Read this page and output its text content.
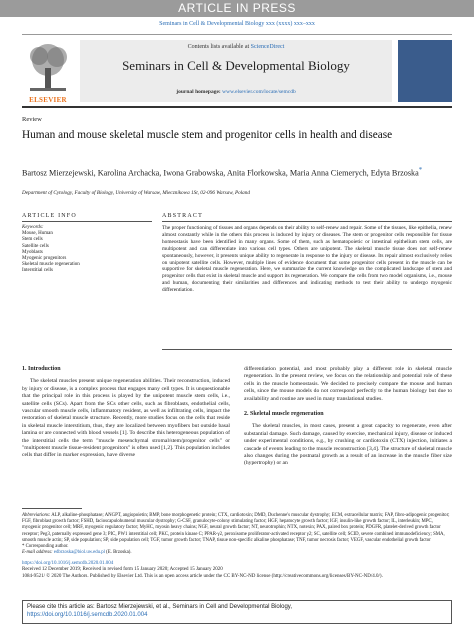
ARTICLE IN PRESS
Seminars in Cell & Developmental Biology xxx (xxxx) xxx–xxx
ELSEVIER
Contents lists available at ScienceDirect
Seminars in Cell & Developmental Biology
journal homepage: www.elsevier.com/locate/semcdb
Review
Human and mouse skeletal muscle stem and progenitor cells in health and disease
Bartosz Mierzejewski, Karolina Archacka, Iwona Grabowska, Anita Florkowska, Maria Anna Ciemerych, Edyta Brzoska*
Department of Cytology, Faculty of Biology, University of Warsaw, Miecznikowa 1St, 02-096 Warsaw, Poland
ARTICLE INFO	ABSTRACT
Keywords:
Mouse, Human
Stem cells
Satellite cells
Myoblasts
Myogenic progenitors
Skeletal muscle regeneration
Interstitial cells
The proper functioning of tissues and organs depends on their ability to self-renew and repair. Some of the tissues, like epithelia, renew almost constantly while in the others this process is induced by injury or diseases. The stem or progenitor cells responsible for tissue homeostasis have been identified in many organs. Some of them, such as hematopoietic or intestinal epithelium stem cells, are multipotent and can differentiate into various cell types. Others are unipotent. The skeletal muscle tissue does not self-renew spontaneously, however, it presents unique ability to regenerate in response to the injury or disease. Its repair almost exclusively relies on unipotent satellite cells. However, multiple lines of evidence document that some progenitor cells present in the muscle can be supportive for skeletal muscle regeneration. Here, we summarize the current knowledge on the complicated landscape of stem and progenitor cells that exist in skeletal muscle and support its regeneration. We compare the cells from two model organisms, i.e., mouse and human, documenting their similarities and differences and indicating methods to test their ability to undergo myogenic differentiation.
1. Introduction
The skeletal muscles present unique regeneration abilities. Their reconstruction, induced by injury or disease, is a complex process that engages many cell types. It is unquestionable that the principal role in this process is played by the unipotent muscle stem cells, i.e., satellite cells (SCs). Apart from the SCs other cells, such as fibroblasts, endothelial cells, vascular smooth muscle cells, inflammatory resident, as well as infiltrating cells, impact the restoration of skeletal muscle structure. Recently, more studies focus on the cells that reside in skeletal muscle interstitium, thus, they are localized between myofibers but outside basal lamina or are connected with blood vessels [1]. To describe this heterogeneous population of the interstitial cells the term "muscle mesenchymal stromal/stem/progenitor cells" or "multipotent muscle tissue-resident progenitors" is often used [1,2]. This population includes cells that differ in marker expression, have diverse
differentiation potential, and most probably play a different role in skeletal muscle regeneration. In the present review, we focus on the relationship and potential role of these cells in the muscle homeostasis. We decided to precisely compare the mouse and human cells, since the mouse models do not correspond perfectly to the human biology but due to availability and routine are used in many translational studies.
2. Skeletal muscle regeneration
The skeletal muscles, in most cases, present a great capacity to regenerate, even after substantial damage. Such damage, caused by exercise, mechanical injury, disease or induced under experimental conditions, e.g., by crushing or cardiotoxin (CTX) injection, initiates a cascade of events leading to the muscle reconstruction [3,4]. The structure of skeletal muscle also changes during the postnatal growth as a result of an increase in the muscle fiber size (hypertrophy) or an
Abbreviations: ALP, alkaline-phosphatase; ANGPT, angiopoietin; BMP, bone morphogenetic protein; CTX, cardiotoxin; DMD, Duchenne's muscular dystrophy; ECM, extracellular matrix; FAP, fibro-adipogenic progenitor; FGF, fibroblast growth factor; FSHD, facioscapulohumeral muscular dystrophy; G-CSF, granulocyte-colony stimulating factor; HGF, hepatocyte growth factor; IGF, insulin-like growth factor; IL, interleukin; MPC, myogenic progenitor cell; MRF, myogenic regulatory factor; MyHC, myosin heavy chains; NGF, neural growth factor; NT, neurotrophin; NTX, notexin; PAX, paired box protein; PDGFR, platelet-derived growth factor receptor; Peg3, paternally expressed gene 3; PIC, PW1 interstitial cell; PKC, protein kinase C; PPAR-γ2, peroxisome proliferator-activated receptor γ2; SC, satellite cell; SCID, severe combined immunodeficiency; SMA, smooth muscle actin; SP, side population; SP, side population cell; TGF, tumor growth factor; TNAP, tissue non-specific alkaline phosphatase; TNF, tumor necrosis factor; VEGF, vascular endothelial growth factor
* Corresponding author.
E-mail address: edbrzoska@biol.uw.edu.pl (E. Brzoska).
https://doi.org/10.1016/j.semcdb.2020.01.004
Received 12 December 2019; Received in revised form 15 January 2020; Accepted 15 January 2020
1084-9521/ © 2020 The Authors. Published by Elsevier Ltd. This is an open access article under the CC BY-NC-ND license (http://creativecommons.org/licenses/BY-NC-ND/4.0/).
Please cite this article as: Bartosz Mierzejewski, et al., Seminars in Cell and Developmental Biology,
https://doi.org/10.1016/j.semcdb.2020.01.004
